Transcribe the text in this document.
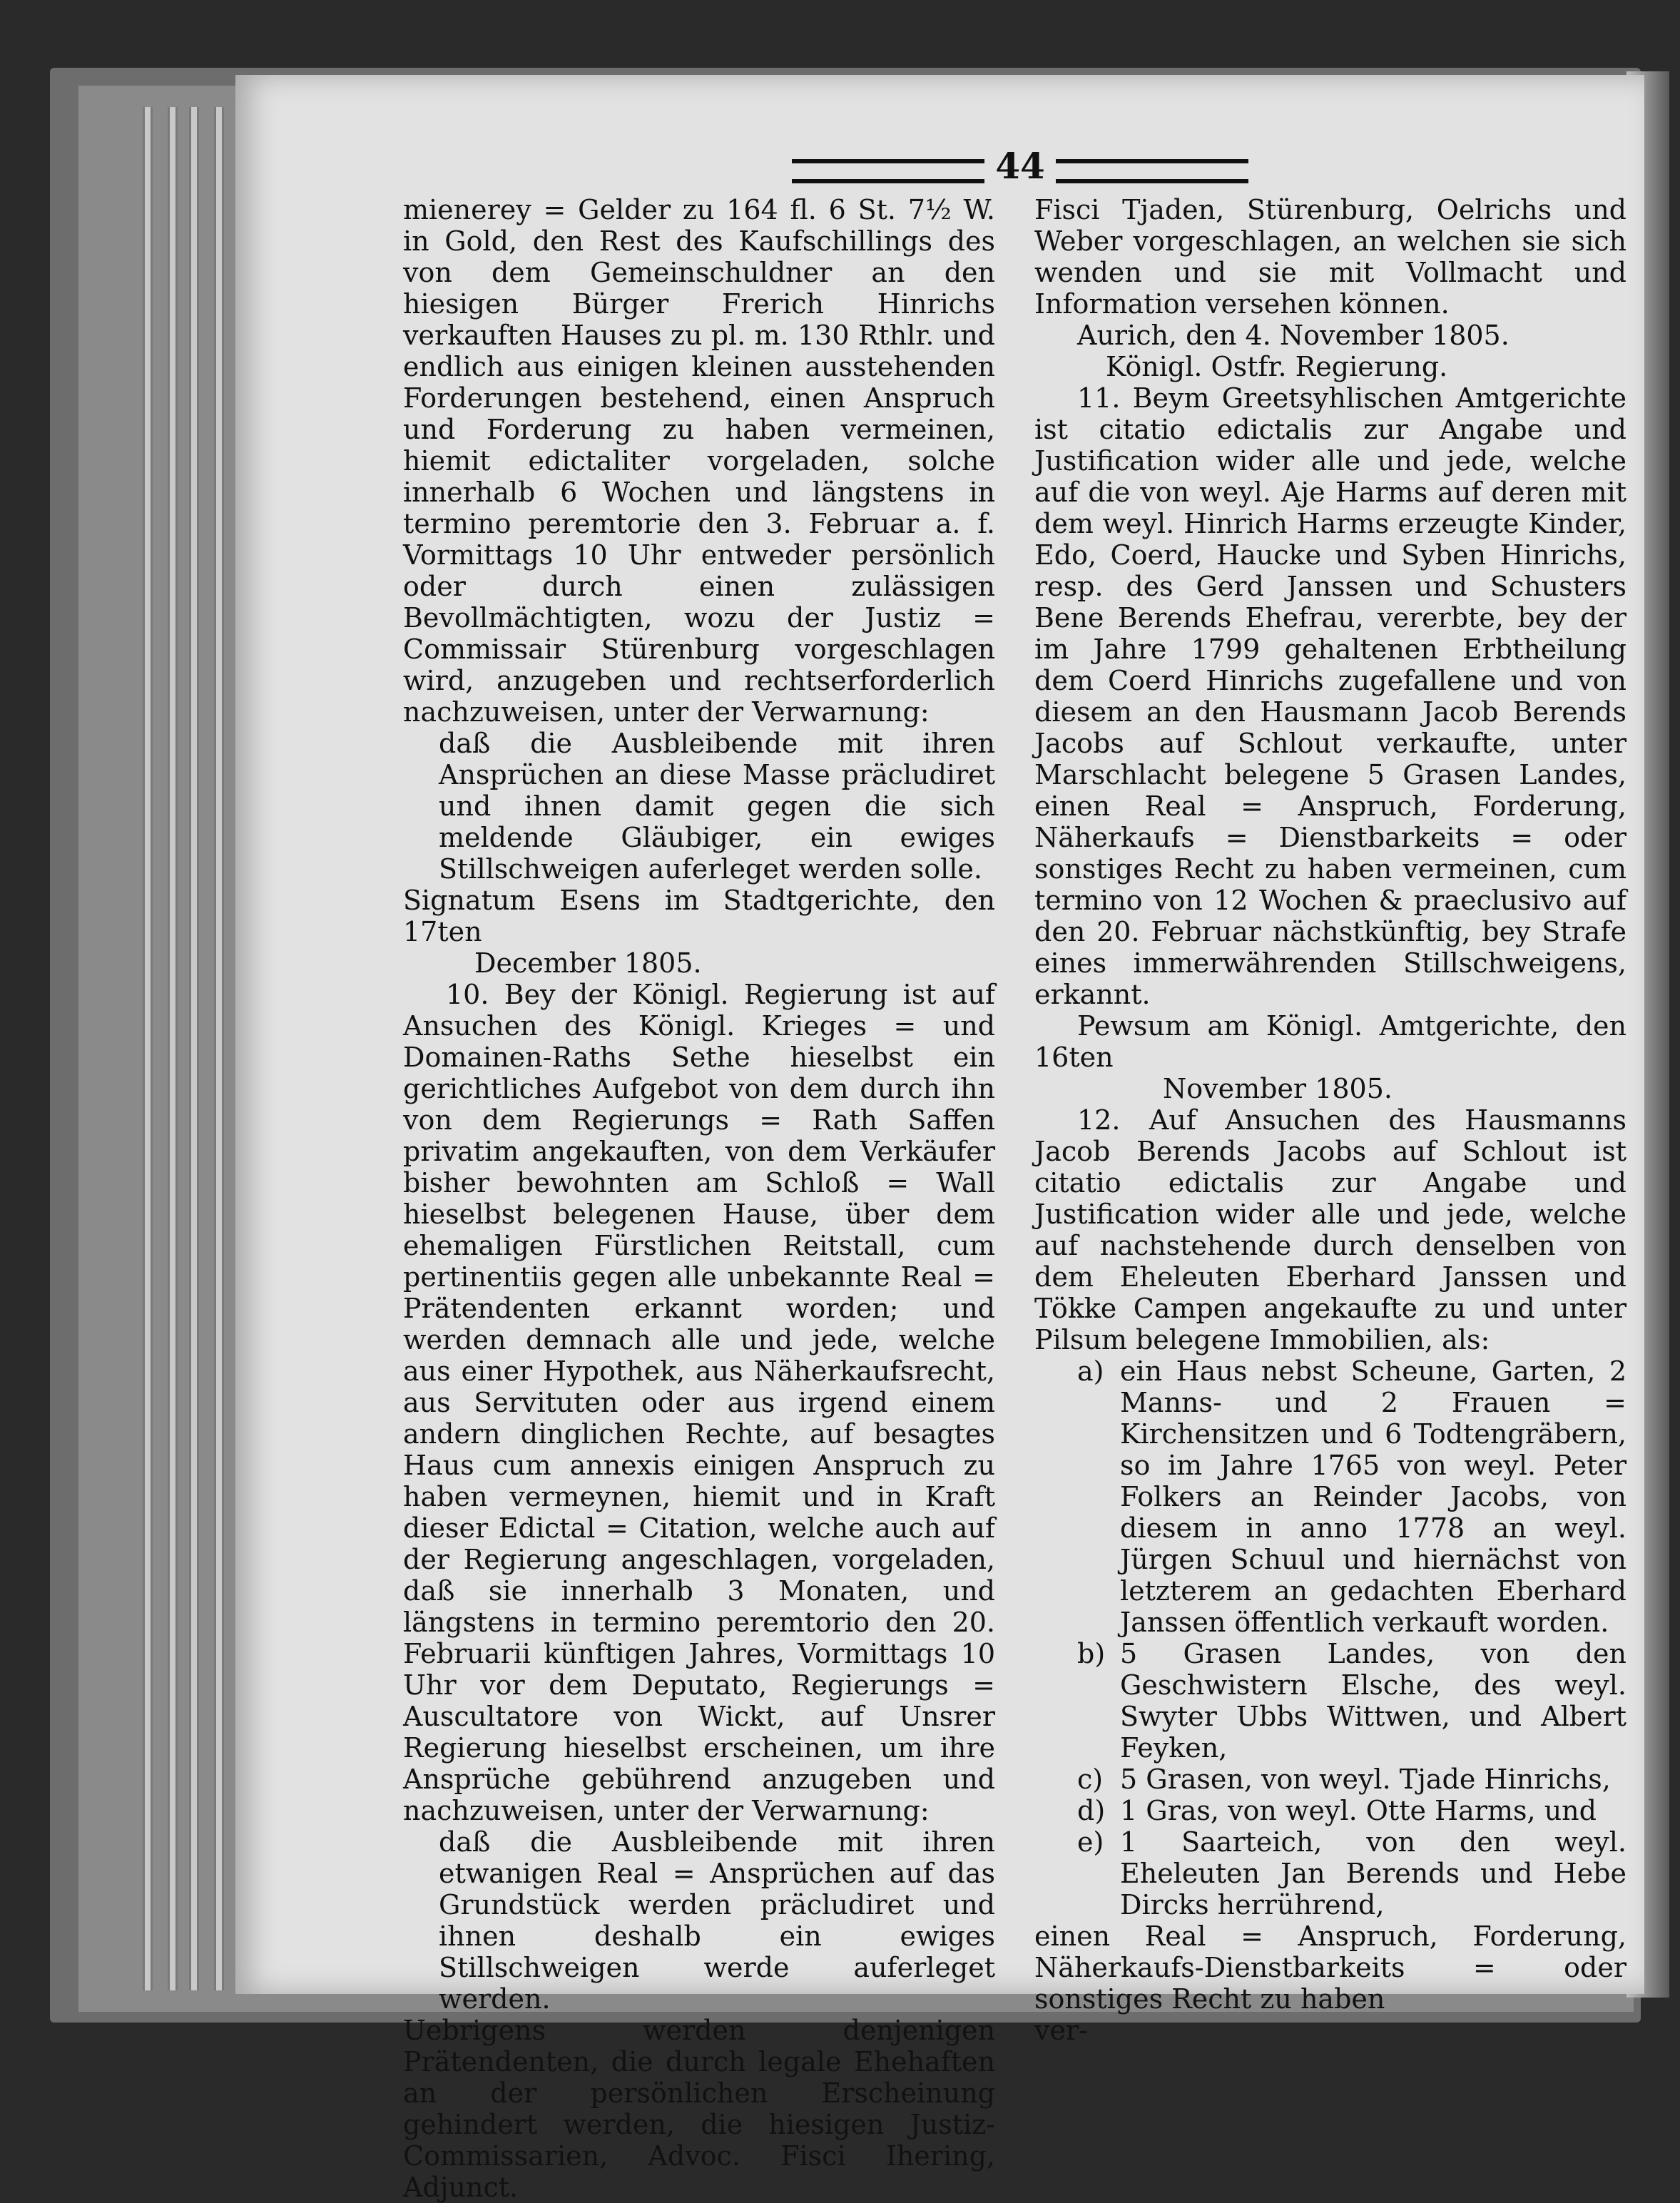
44

mienerey = Gelder zu 164 fl. 6 St. 7½ W. in Gold, den Rest des Kaufschillings des von dem Gemeinschuldner an den hiesigen Bürger Frerich Hinrichs verkauften Hauses zu pl. m. 130 Rthlr. und endlich aus einigen kleinen ausstehenden Forderungen bestehend, einen Anspruch und Forderung zu haben vermeinen, hiemit edictaliter vorgeladen, solche innerhalb 6 Wochen und längstens in termino peremtorie den 3. Februar a. f. Vormittags 10 Uhr entweder persönlich oder durch einen zulässigen Bevollmächtigten, wozu der Justiz = Commissair Stürenburg vorgeschlagen wird, anzugeben und rechtserforderlich nachzuweisen, unter der Verwarnung:

daß die Ausbleibende mit ihren Ansprüchen an diese Masse präcludiret und ihnen damit gegen die sich meldende Gläubiger, ein ewiges Stillschweigen auferleget werden solle.

Signatum Esens im Stadtgerichte, den 17ten

December 1805.

10. Bey der Königl. Regierung ist auf Ansuchen des Königl. Krieges = und Domainen-Raths Sethe hieselbst ein gerichtliches Aufgebot von dem durch ihn von dem Regierungs = Rath Saffen privatim angekauften, von dem Verkäufer bisher bewohnten am Schloß = Wall hieselbst belegenen Hause, über dem ehemaligen Fürstlichen Reitstall, cum pertinentiis gegen alle unbekannte Real = Prätendenten erkannt worden; und werden demnach alle und jede, welche aus einer Hypothek, aus Näherkaufsrecht, aus Servituten oder aus irgend einem andern dinglichen Rechte, auf besagtes Haus cum annexis einigen Anspruch zu haben vermeynen, hiemit und in Kraft dieser Edictal = Citation, welche auch auf der Regierung angeschlagen, vorgeladen, daß sie innerhalb 3 Monaten, und längstens in termino peremtorio den 20. Februarii künftigen Jahres, Vormittags 10 Uhr vor dem Deputato, Regierungs = Auscultatore von Wickt, auf Unsrer Regierung hieselbst erscheinen, um ihre Ansprüche gebührend anzugeben und nachzuweisen, unter der Verwarnung:

daß die Ausbleibende mit ihren etwanigen Real = Ansprüchen auf das Grundstück werden präcludiret und ihnen deshalb ein ewiges Stillschweigen werde auferleget werden.

Uebrigens werden denjenigen Prätendenten, die durch legale Ehehaften an der persönlichen Erscheinung gehindert werden, die hiesigen Justiz-Commissarien, Advoc. Fisci Ihering, Adjunct.

Fisci Tjaden, Stürenburg, Oelrichs und Weber vorgeschlagen, an welchen sie sich wenden und sie mit Vollmacht und Information versehen können.

Aurich, den 4. November 1805.

Königl. Ostfr. Regierung.

11. Beym Greetsyhlischen Amtgerichte ist citatio edictalis zur Angabe und Justification wider alle und jede, welche auf die von weyl. Aje Harms auf deren mit dem weyl. Hinrich Harms erzeugte Kinder, Edo, Coerd, Haucke und Syben Hinrichs, resp. des Gerd Janssen und Schusters Bene Berends Ehefrau, vererbte, bey der im Jahre 1799 gehaltenen Erbtheilung dem Coerd Hinrichs zugefallene und von diesem an den Hausmann Jacob Berends Jacobs auf Schlout verkaufte, unter Marschlacht belegene 5 Grasen Landes, einen Real = Anspruch, Forderung, Näherkaufs = Dienstbarkeits = oder sonstiges Recht zu haben vermeinen, cum termino von 12 Wochen & praeclusivo auf den 20. Februar nächstkünftig, bey Strafe eines immerwährenden Stillschweigens, erkannt.

Pewsum am Königl. Amtgerichte, den 16ten

November 1805.

12. Auf Ansuchen des Hausmanns Jacob Berends Jacobs auf Schlout ist citatio edictalis zur Angabe und Justification wider alle und jede, welche auf nachstehende durch denselben von dem Eheleuten Eberhard Janssen und Tökke Campen angekaufte zu und unter Pilsum belegene Immobilien, als:

a) ein Haus nebst Scheune, Garten, 2 Manns- und 2 Frauen = Kirchensitzen und 6 Todtengräbern, so im Jahre 1765 von weyl. Peter Folkers an Reinder Jacobs, von diesem in anno 1778 an weyl. Jürgen Schuul und hiernächst von letzterem an gedachten Eberhard Janssen öffentlich verkauft worden.

b) 5 Grasen Landes, von den Geschwistern Elsche, des weyl. Swyter Ubbs Wittwen, und Albert Feyken,

c) 5 Grasen, von weyl. Tjade Hinrichs,

d) 1 Gras, von weyl. Otte Harms, und

e) 1 Saarteich, von den weyl. Eheleuten Jan Berends und Hebe Dircks herrührend,

einen Real = Anspruch, Forderung, Näherkaufs-Dienstbarkeits = oder sonstiges Recht zu haben

ver-
